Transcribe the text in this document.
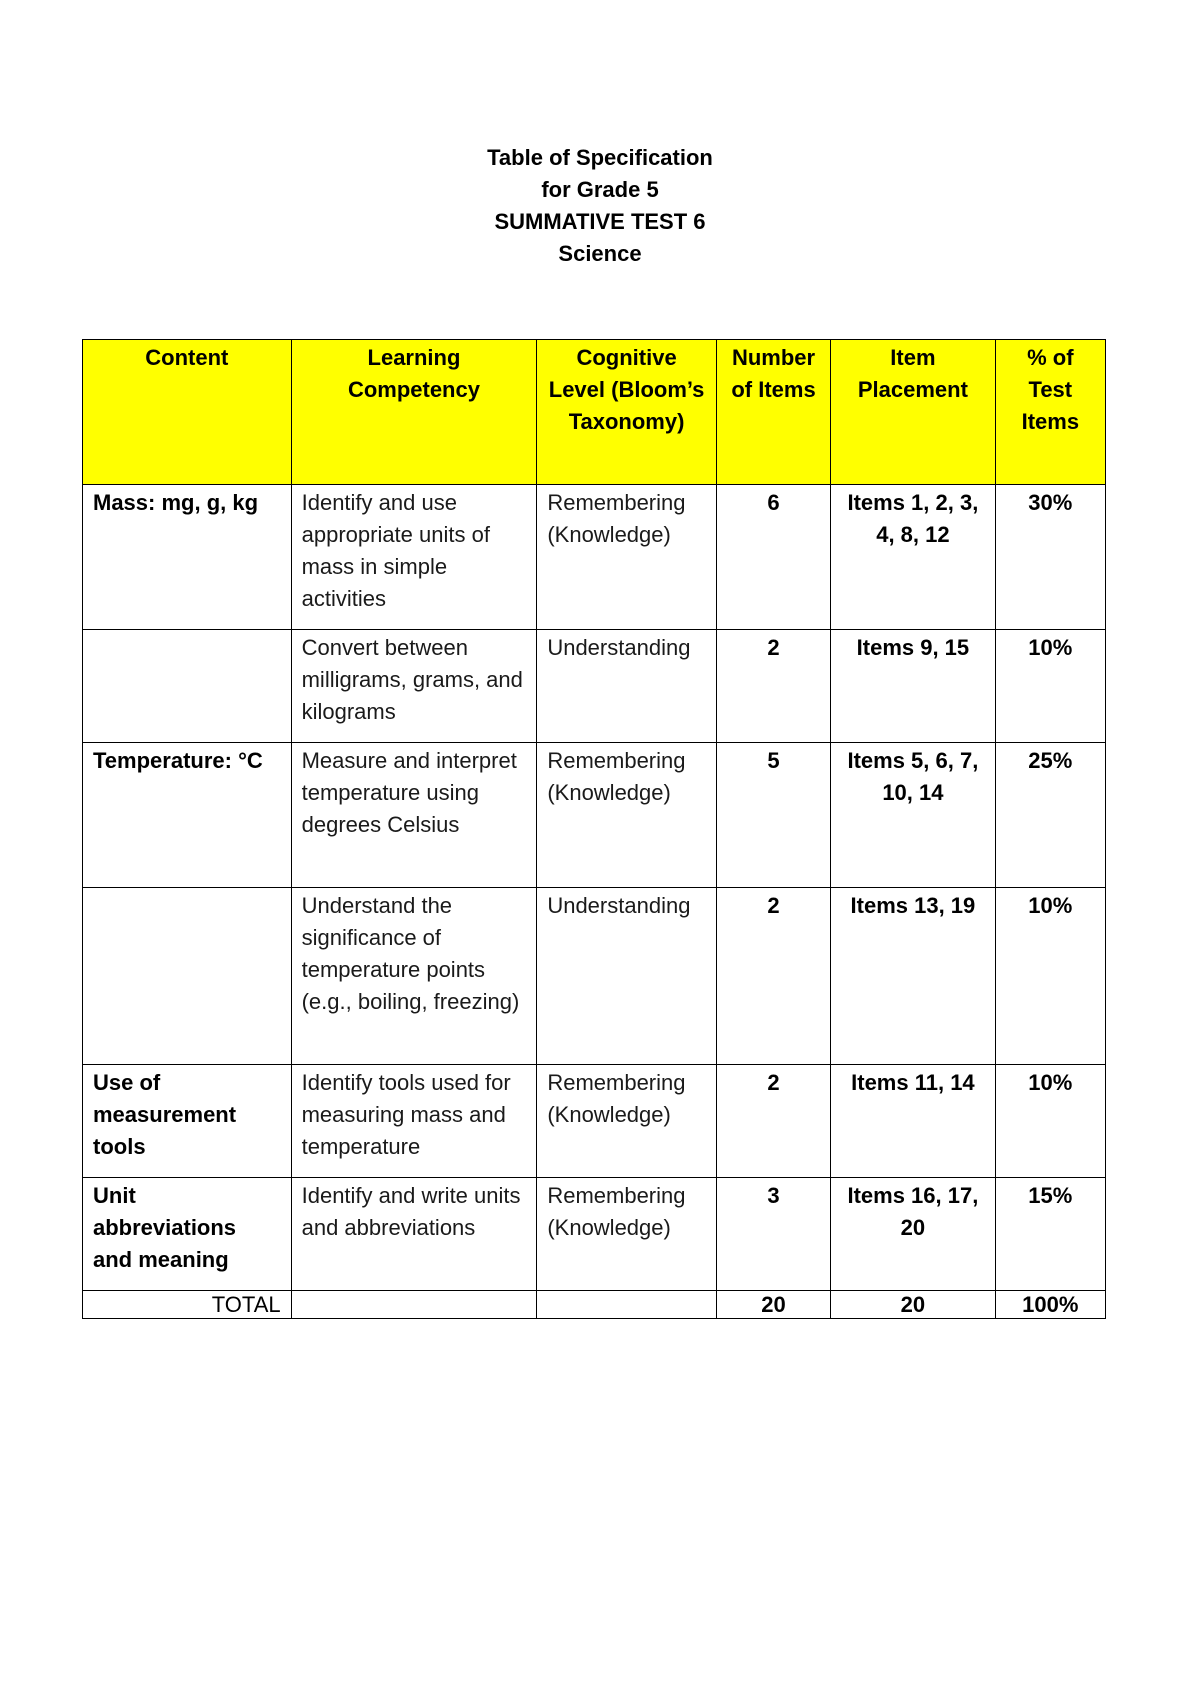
Table of Specification
for Grade 5
SUMMATIVE TEST 6
Science
Content	Learning Competency	Cognitive Level (Bloom’s Taxonomy)	Number of Items	Item Placement	% of Test Items
Mass: mg, g, kg	Identify and use appropriate units of mass in simple activities	Remembering (Knowledge)	6	Items 1, 2, 3, 4, 8, 12	30%
	Convert between milligrams, grams, and kilograms	Understanding	2	Items 9, 15	10%
Temperature: °C	Measure and interpret temperature using degrees Celsius	Remembering (Knowledge)	5	Items 5, 6, 7, 10, 14	25%
	Understand the significance of temperature points (e.g., boiling, freezing)	Understanding	2	Items 13, 19	10%
Use of measurement tools	Identify tools used for measuring mass and temperature	Remembering (Knowledge)	2	Items 11, 14	10%
Unit abbreviations and meaning	Identify and write units and abbreviations	Remembering (Knowledge)	3	Items 16, 17, 20	15%
TOTAL			20	20	100%
